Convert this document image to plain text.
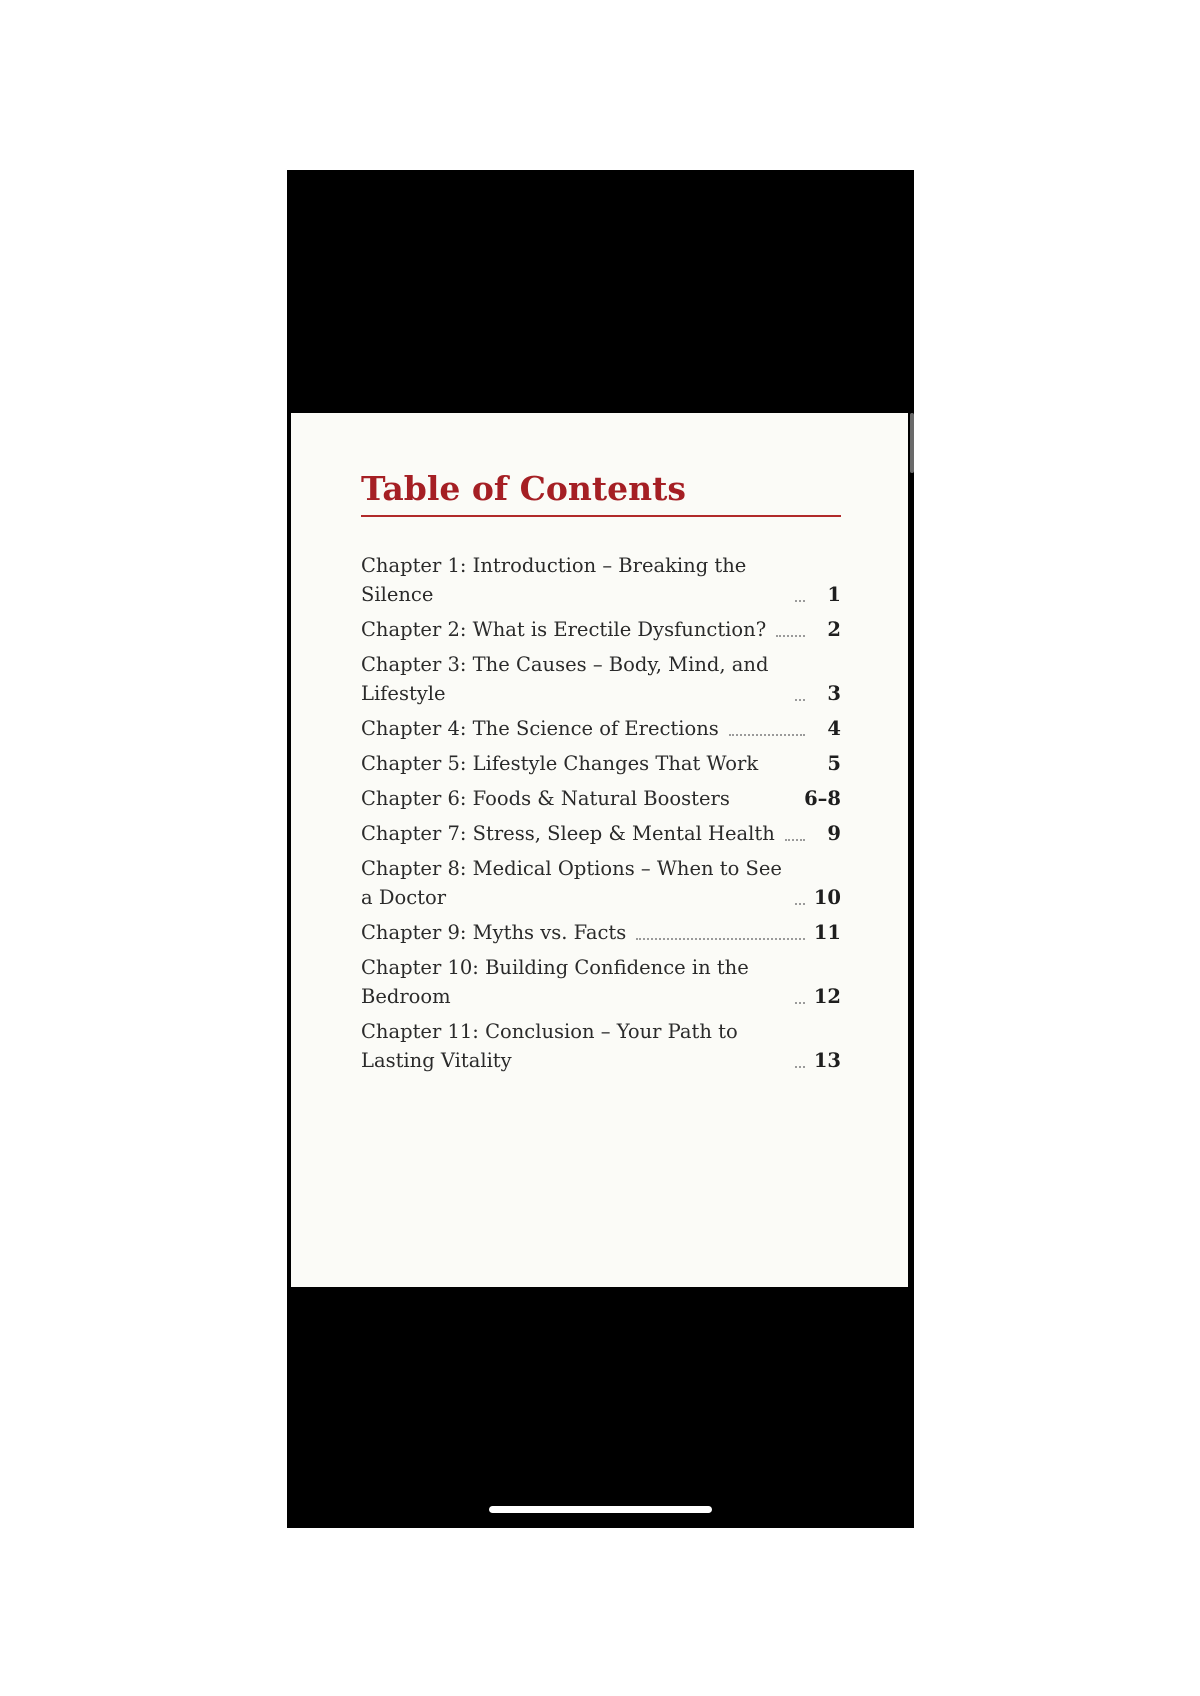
Table of Contents
Chapter 1: Introduction – Breaking the Silence	1
Chapter 2: What is Erectile Dysfunction?	2
Chapter 3: The Causes – Body, Mind, and Lifestyle	3
Chapter 4: The Science of Erections	4
Chapter 5: Lifestyle Changes That Work	5
Chapter 6: Foods & Natural Boosters	6–8
Chapter 7: Stress, Sleep & Mental Health	9
Chapter 8: Medical Options – When to See a Doctor	10
Chapter 9: Myths vs. Facts	11
Chapter 10: Building Confidence in the Bedroom	12
Chapter 11: Conclusion – Your Path to Lasting Vitality	13
